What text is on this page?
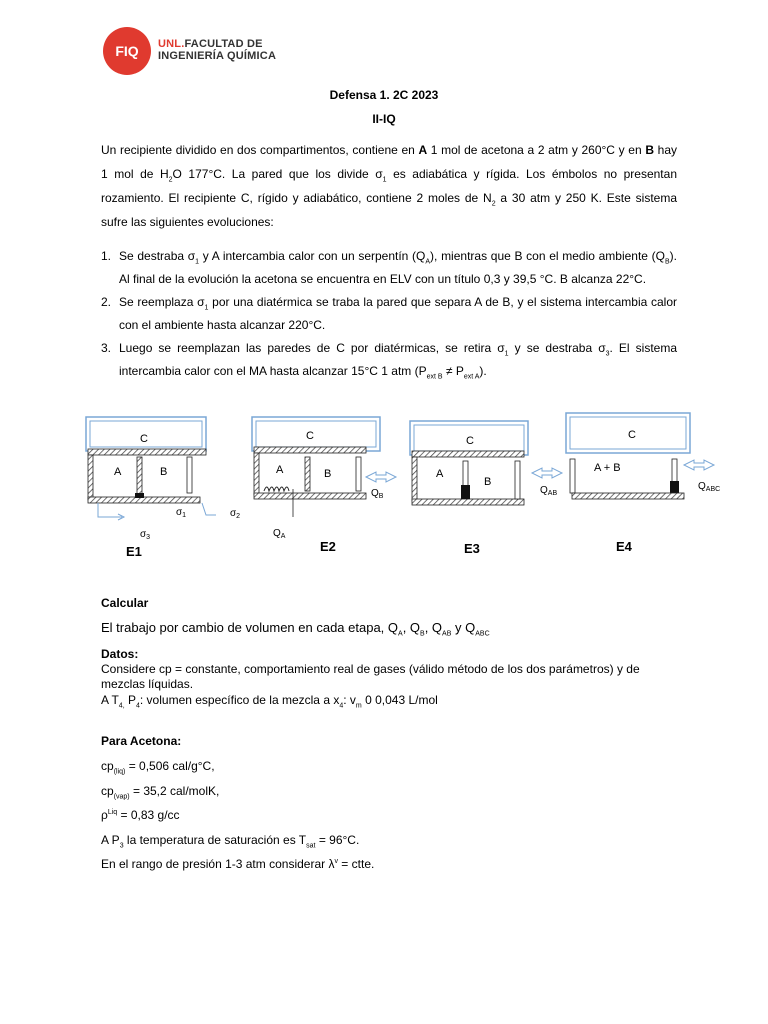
FIQ UNL.FACULTAD DE
INGENIERÍA QUÍMICA
Defensa 1. 2C 2023
II-IQ
Un recipiente dividido en dos compartimentos, contiene en A 1 mol de acetona a 2 atm y 260°C y en B hay 1 mol de $H_2O$ 177°C. La pared que los divide $\sigma_1$ es adiabática y rígida. Los émbolos no presentan rozamiento. El recipiente C, rígido y adiabático, contiene 2 moles de $N_2$ a 30 atm y 250 K. Este sistema sufre las siguientes evoluciones:
1. Se destraba $\sigma_1$ y A intercambia calor con un serpentín $(Q_A)$, mientras que B con el medio ambiente $(Q_B)$. Al final de la evolución la acetona se encuentra en ELV con un título 0,3 y 39,5 °C. B alcanza 22°C.
2. Se reemplaza $\sigma_1$ por una diatérmica se traba la pared que separa A de B, y el sistema intercambia calor con el ambiente hasta alcanzar 220°C.
3. Luego se reemplazan las paredes de C por diatérmicas, se retira $\sigma_1$ y se destraba $\sigma_3$. El sistema intercambia calor con el MA hasta alcanzar 15°C 1 atm $(P_{ext B} \ne P_{ext A})$.
C
A	B
$\sigma_1$	$\sigma_2$
$\sigma_3$
E1
C
A	B
$Q_B$
$Q_A$
E2
C
A
B
$Q_{AB}$
E3
C
A + B
$Q_{ABC}$
E4
Calcular
El trabajo por cambio de volumen en cada etapa, $Q_A$, $Q_B$, $Q_{AB}$ y $Q_{ABC}$
Datos:
Considere cp = constante, comportamiento real de gases (válido método de los dos parámetros) y de mezclas líquidas.
A $T_{4,}$ $P_4$: volumen específico de la mezcla a $x_4$: $v_m$ 0 0,043 L/mol
Para Acetona:
$cp_{(liq)} = 0,506$ cal/g°C,
$cp_{(vap)} = 35,2$ cal/molK,
$\rho^{Liq} = 0,83$ g/cc
A $P_3$ la temperatura de saturación es $T_{sat} = 96^\circ C$.
En el rango de presión 1-3 atm considerar $\lambda^v$ = ctte.
